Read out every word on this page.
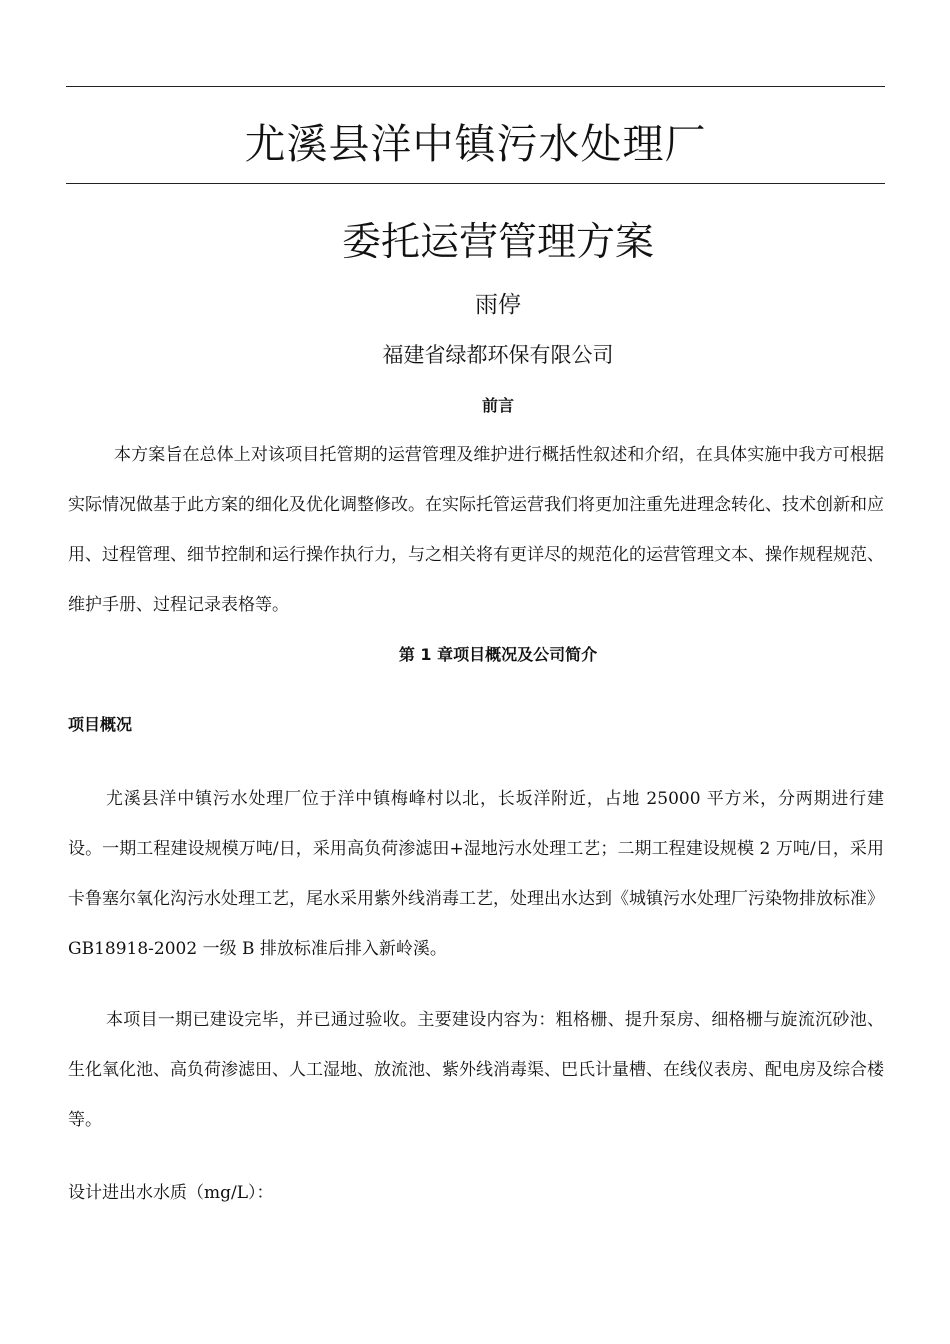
尤溪县洋中镇污水处理厂
委托运营管理方案
雨停
福建省绿都环保有限公司
前言

本方案旨在总体上对该项目托管期的运营管理及维护进行概括性叙述和介绍，在具体实施中我方可根据实际情况做基于此方案的细化及优化调整修改。在实际托管运营我们将更加注重先进理念转化、技术创新和应用、过程管理、细节控制和运行操作执行力，与之相关将有更详尽的规范化的运营管理文本、操作规程规范、维护手册、过程记录表格等。

第 1 章项目概况及公司简介
项目概况

尤溪县洋中镇污水处理厂位于洋中镇梅峰村以北，长坂洋附近，占地 25000 平方米，分两期进行建设。一期工程建设规模万吨/日，采用高负荷渗滤田+湿地污水处理工艺；二期工程建设规模 2 万吨/日，采用卡鲁塞尔氧化沟污水处理工艺，尾水采用紫外线消毒工艺，处理出水达到《城镇污水处理厂污染物排放标准》GB18918-2002 一级 B 排放标准后排入新岭溪。

本项目一期已建设完毕，并已通过验收。主要建设内容为：粗格栅、提升泵房、细格栅与旋流沉砂池、生化氧化池、高负荷渗滤田、人工湿地、放流池、紫外线消毒渠、巴氏计量槽、在线仪表房、配电房及综合楼等。

设计进出水水质（mg/L）：
